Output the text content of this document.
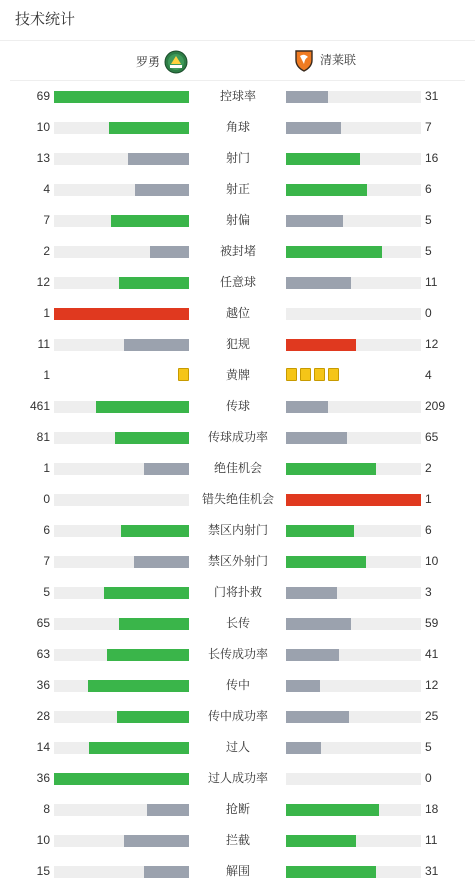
技术统计
罗勇	清莱联
69	控球率	31
10	角球	7
13	射门	16
4	射正	6
7	射偏	5
2	被封堵	5
12	任意球	11
1	越位	0
11	犯规	12
1	黄牌	4
461	传球	209
81	传球成功率	65
1	绝佳机会	2
0	错失绝佳机会	1
6	禁区内射门	6
7	禁区外射门	10
5	门将扑救	3
65	长传	59
63	长传成功率	41
36	传中	12
28	传中成功率	25
14	过人	5
36	过人成功率	0
8	抢断	18
10	拦截	11
15	解围	31
